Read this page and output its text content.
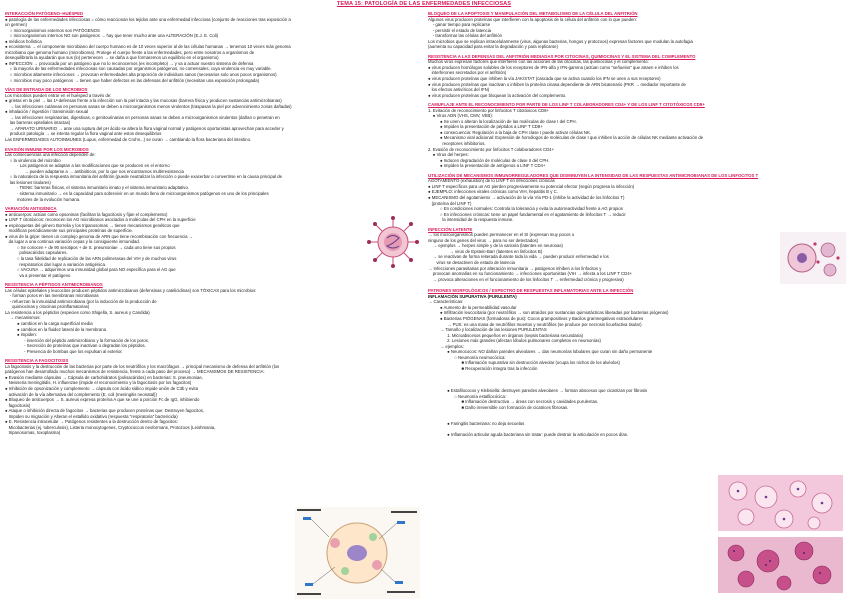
TEMA 15: PATOLOGÍA DE LAS ENFERMEDADES INFECCIOSAS
INTERACCIÓN PATÓGENO–HUÉSPED
● patología de las enfermedades infecciosas = cómo reaccionan los tejidos ante una enfermedad infecciosa (conjunto de reacciones tras exposición a
un germen)
○ microorganismos externos son PATÓGENOS
○ microorganismos internos NO son patógenos → hay que tener mucho ante una ALTERACIÓN (E.J. E. Coli)
● médicos holística
● ecosistema → el componente microbiano del cuerpo humano es de 10 veces superior al de las células humanas → tenemos 10 veces más genoma
microbiano que genoma humano (microbioma). Protege el cuerpo frente a las enfermedades, pero entre nosotros a organismos de
desequilibrarla la ayudarán que sus (lo) pertenecen → se daña a que formaremos un equilibrio en el organismo)
● INFECCIÓN → provocada por un patógeno que no lo reconocemos (es incompleto) → y va a actuar nuestro sistema de defensa
○ la mayoría de las enfermedades infecciosas son causadas por organismos patógenos, no comensales, cuya virulencia es muy variable.
○ microbios altamente infecciosos → provocan enfermedades alta proporción de individuos sanos (necesarios solo unos pocos organismos)
○ microbios muy poco patógenos → tienen que haber defectos en las defensas del anfitrión (necesitan una exposición prolongada)
VÍAS DE ENTRADA DE LOS MICROBIOS
Los microbios pueden entrar en el huésped a través de:
● grietas en la piel → las 1ª defensas frente a la infección son la piel intacta y las mucosas (barrera física y producen sustancias antimicrobianas)
→ las infecciones cutáneas en personas sanas se deben a microorganismos menos virulentos (traspasan la piel por advencimiento zonas dañadas)
● inhalación / ingestión / transmisión sexual
→ las infecciones respiratorias, digestivas, o genitourinarias en personas sanas se deben a microorganismos virulentos (dañan o penetran en
las barreras epiteliales intactas)
→ APARATO URINARIO → ante una ruptura del pH ácido se altera la flora vaginal normal y patógenos oportunistas aprovechan para acceder y
producir patología → se intenta regular la flora vaginal ante estos desequilibrios
Las ENFERMEDADES AUTOINMUNES (Lupus, enfermedad de Crohn...) se curan → cambiando la flora bacteriana del intestino.
EVASIÓN INMUNE POR LOS MICROBIOS
Las consecuencias una infección dependen de:
○ la virulencia del microbio
· Los patógenos se adaptan a las modificaciones que se producen en el entorno
→ pueden adaptarse a → antibióticos, por lo que nos encontramos multirresistencia
○ la naturaleza de la respuesta inmunitaria del anfitrión (puede neutralizar la infección o puede exacerbar o convertirse en la causa principal de
las lesiones tisulares)
· TIENE: barreras físicas, el sistema inmunitario innato y el sistema inmunitario adaptativo.
· sistema inmunitario → es la capacidad para sobrevivir en un mundo lleno de microorganismos patógenos es uno de los principales
motores de la evolución humana.
VARIACIÓN ANTIGÉNICA
● anticuerpos: actúan como opsoninas (facilitan la fagocitosis y fijan el complemento)
● LINF T citotóxicos: reconocen los AG microbianos asociados a moléculas del CPH en la superficie
● espiroquetas del género Borrelia y los tripanosomas → tienen mecanismos genéticos que
modifican periódicamente sus principales proteínas de superficie.
● virus de la gripe: tienen un complejo genoma de ARN que tiene recombinación con frecuencia →
da lugar a una continua variación cepas y la consiguiente inmunidad.
○ Se conocen + de 90 serotipos + de S. pneumoniae → cada uno tiene sus propios
polisacáridos capsulares.
○ la tasa fidelidad de replicación de las ARN polimerasas del VIH y de muchos virus
respiratorios dan lugar a variación antigénica.
○ VACUNA → adquirimos una inmunidad global para NO específica para el AG que
va a presentar el patógeno
RESISTENCIA A PÉPTIDOS ANTIMICROBIANOS
Las células epiteliales y leucocitos producen péptidos antimicrobianos (defensinas y catelicidinas) son TÓXICAS para los microbios:
- forman poros en las membranas microbianas
- refuerzan la inmunidad antimicrobiana (por la inducción de la producción de
quimiocinas y citocinas proinflamatorias)
La resistencia a los péptidos (especies como Shigella, S. aureus y Candida)
→ mecanismos:
● cambios en la carga superficial media
● cambios en la fluidez lateral de la membrana
● impiden:
- inserción del péptido antimicrobiano y la formación de los poros.
- Secreción de proteínas que inactivan o degradan los péptidos.
- Presencia de bombas que los expulsan al exterior.
RESISTENCIA A FAGOCITOSIS
La fagocitosis y la destrucción de las bacterias por parte de los neutrófilos y los macrófagos → principal mecanismo de defensa del anfitrión (los
patógenos han desarrollado muchos mecanismos de resistencia, frente a cada paso del proceso) → MECANISMOS DE RESISTENCIA:
● Evasión mediante cápsulas → Cápsula de carbohidratos (polisacáridos) en bacterias: S. pneumoniae,
Neisseria meningitidis, H. influenzae (impide el reconocimiento y la fagocitosis por los fagocitos)
● Inhibición de opsonización y complemento → cápsula con ácido siálico impide unión de C3b y evita
activación de la vía alternativa del complemento (E. coli (meningitis neonatal))
● Bloqueo de anticuerpos → S. aureus expresa proteína A que se une a porción Fc de IgG, inhibiendo
fagocitosis)
● Ataque o inhibición directa de fagocitos → bacterias que producen proteínas que: Destruyen fagocitos,
Impiden su migración y Alteran el estallido oxidativo (respuesta "respiratoria" bactericida)
● E. Resistencia intracelular → Patógenos resistentes a la destrucción dentro de fagocitos:
Micobacterias (ej. tuberculosis), Listeria monocytogenes, Cryptococcus neoformans, Protozoos (Leishmania,
tripanosomas, toxoplasma)
BLOQUEO DE LA APOPTOSIS Y MANIPULACIÓN DEL METABOLISMO DE LA CÉLULA DEL ANFITRIÓN
Algunos virus producen proteínas que interfieren con la apoptosis de la célula del anfitrión con lo que pueden:
- ganar tiempo para replicarse
- persistir el estado de latencia
- transformar las células del anfitrión
Los microbios que se replican intracelularmente (virus, algunas bacterias, hongos y protozoos) expresan factores que modulan la autofagia
(aumenta su capacidad para evitar la degradación y para replicarse)
RESISTENCIA A LAS DEFENSAS DEL ANFITRIÓN MEDIADAS POR CITOCINAS, QUIMIOCINAS Y EL SISTEMA DEL COMPLEMENTO
Muchos virus expresan factores que interfieren con las acciones de las citocinas, las quimiocinas y el complemento:
● virus producen homólogos solubles de los receptores de IFN-alfa y IFN-gamma (actúan como "señuelos" que atraen e inhiben los
interferones secretados por el anfitrión)
● virus producen proteínas que inhiben la vía JAK/STAT (cascada que se activa cuando los IFN se unen a sus receptores)
● virus producen proteínas que inactivan o inhiben la proteína cinasa dependiente de ARN bicatenario (PKR → mediador importante de
los efectos antivíricos del IFN)
● virus producen proteínas que bloquean la activación del complemento.
CAMUFLAJE ANTE EL RECONOCIMIENTO POR PARTE DE LOS LINF T COLABORADORES CD4+ Y DE LOS LINF T CITOTÓXICOS CD8+
1. Evitación de reconocimiento por linfocitos T citotóxicos CD8+
● Virus ADN (VHS, CMV, VEB):
● Se unen o alteran la localización de las moléculas de clase I del CPH.
● Impiden la presentación de péptidos a LINF T CD8+
● consecuencia: Regulación a la baja de CPH clase I puede activar células NK.
● Mecanismo viral adicional: Expresión de homólogos de moléculas de clase I que inhiben la acción de células NK mediante activación de
receptores inhibitorios.
2. Evasión de reconocimiento por linfocitos T colaboradores CD4+
● Virus del herpes:
● Inducen degradación de moléculas de clase II del CPH.
● Impiden la presentación de antígenos a LINF T CD4+
UTILIZACIÓN DE MECANISMOS INMUNORREGULADORES QUE DISMINUYEN LA INTENSIDAD DE LAS RESPUESTAS ANTIMICROBIANAS DE LOS LINFOCITOS T
AGOTAMIENTO (exhaustion) de lo LINF T en infecciones crónicas
● LINF T específicos para un AG pierden progresivamente su potencial efector (según progresa la infección)
● EJEMPLO: infecciones virales crónicas como VIH, hepatitis B y C.
● MECANISMO del agotamiento → activación de la vía Vía PD-1 (inhibe la actividad de los linfocitos T)
(proteína del LINF T)
○ En condiciones normales: Controla la tolerancia y evita la autorreactividad frente a AG propios
○ En infecciones crónicas: tiene un papel fundamental en el agotamiento de linfocitos T → reducir
la intensidad de la respuesta inmune.
INFECCIÓN LATENTE
→ los microorganismos pueden permanecer en el SI (expresan muy pocos o
ninguno de los genes del virus → para no ser detectados)
→ ejemplos → herpes simple y de la varicela (latentes en neuronas)
→ virus de Epstein-Barr (latentes en linfocitos B)
→ se reactivan de forma reiterada durante toda la vida → pueden producir enfermedad e los
virus se desactiven de estado de latencia
→ Infecciones parasitarias por alteración inmunitaria → patógenos inhiben a los linfocitos y
provocan anomalías en su funcionamiento → infecciones oportunistas (VIH → infecta a los LINF T CD4+
→ provoca alteraciones en el funcionamiento de los linfocitos T → enfermedad crónica y progresiva)
PATRONES MORFOLÓGICOS / ESPECTRO DE RESPUESTAS INFLAMATORIAS ANTE LA INFECCIÓN
INFLAMACIÓN SUPURATIVA (PURULENTA)
→ Características:
● Aumento de la permeabilidad vascular
● Infiltración leucocitaria (por neutrófilos → son atraídos por sustancias quimiotácticas liberadas por bacterias piógenas)
● Bacterias PIÓGENAS (formadoras de pus): Cocos grampositivos y Bacilos gramnegativos extracelulares
→ PUS: es una masa de neutrófilos muertos y neutrófilos (se produce por necrosis licuefactiva tisular)
→ Tamaño y localización de las lesiones PURULENTAS
1. Microabscesos pequeños en órganos (sepsis bacteriana secundaria)
2. Lesiones más grandes (afectan lóbulos pulmonares completos en neumonías)
→ ejemplos:
● Neumococos: NO dañan paredes alveolares → dan neumonías lobulares que curan sin daño permanente
○ Neumonía neumocócica:
■ Inflamación supurativa sin destrucción alveolar (ocupa los nichos de los alvéolos)
■ Recuperación íntegra tras la infección
● Estafilococos y Klebsiella: destruyen paredes alveolares → forman abscesos que cicatrizan por fibrosis
○ Neumonía estafilocócica:
■ Inflamación destructiva → áreas con necrosis y cavidades purulentas.
■ Daño irreversible con formación de cicatrices fibrosas.
● Faringitis bacteriana: no deja secuelas
● Inflamación articular aguda bacteriana sin tratar: puede destruir la articulación en pocos días.
